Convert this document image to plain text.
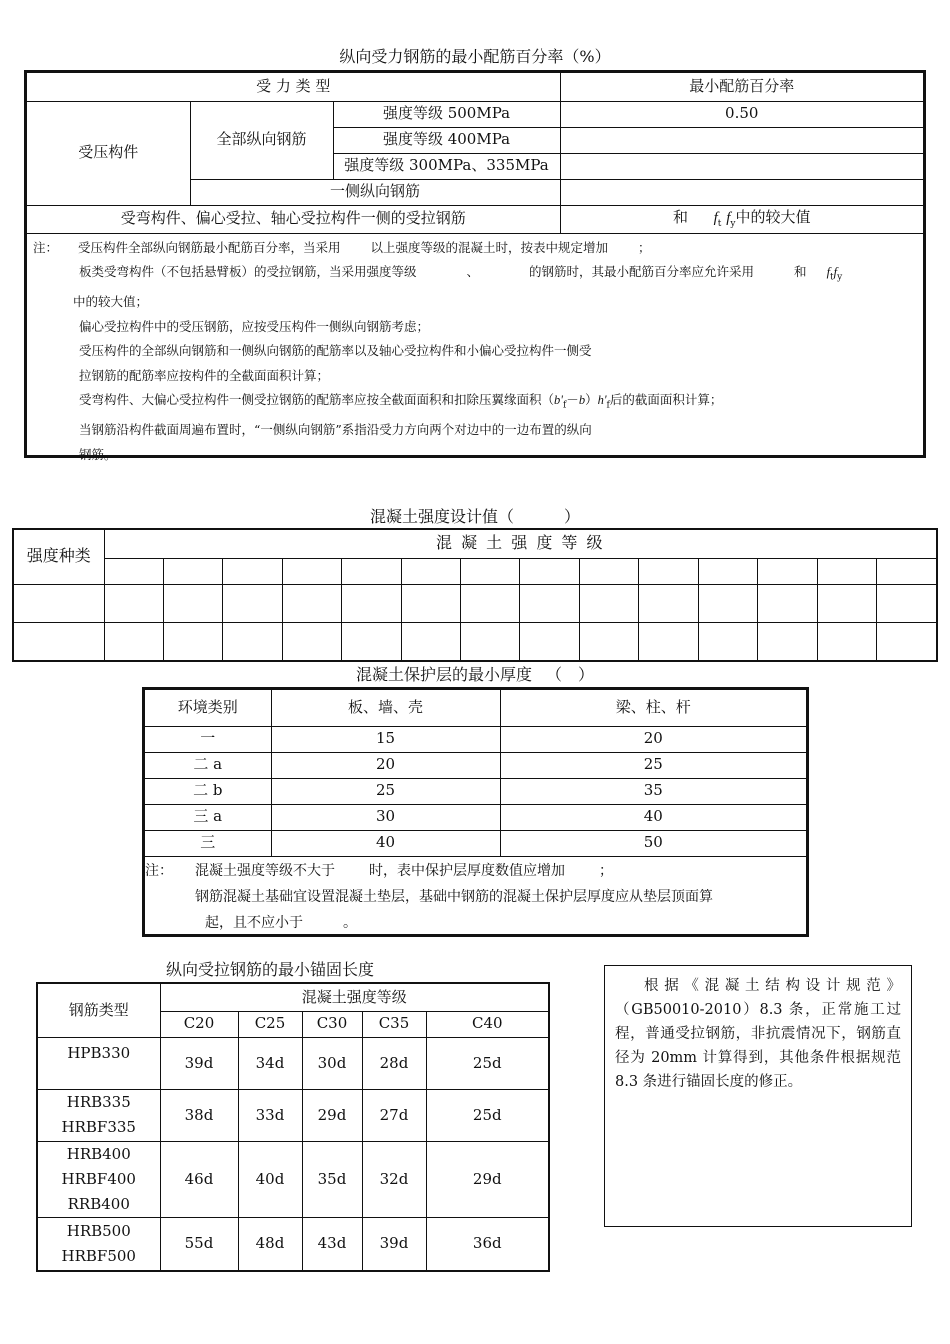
纵向受力钢筋的最小配筋百分率（%）
受 力 类 型			最小配筋百分率
受压构件	全部纵向钢筋	强度等级 500MPa	0.50
		强度等级 400MPa	
		强度等级 300MPa、335MPa	
	一侧纵向钢筋		
受弯构件、偏心受拉、轴心受拉构件一侧的受拉钢筋			和 $f_t$ $f_y$中的较大值
注： 受压构件全部纵向钢筋最小配筋百分率，当采用 以上强度等级的混凝土时，按表中规定增加 ；
板类受弯构件（不包括悬臂板）的受拉钢筋，当采用强度等级	、	的钢筋时，其最小配筋百分率应允许采用	和 $f_tf_y$
中的较大值；
偏心受拉构件中的受压钢筋，应按受压构件一侧纵向钢筋考虑；
受压构件的全部纵向钢筋和一侧纵向钢筋的配筋率以及轴心受拉构件和小偏心受拉构件一侧受
拉钢筋的配筋率应按构件的全截面面积计算；
受弯构件、大偏心受拉构件一侧受拉钢筋的配筋率应按全截面面积和扣除压翼缘面积$(b'_f-b)h'_f$后的截面面积计算；
当钢筋沿构件截面周遍布置时，“一侧纵向钢筋”系指沿受力方向两个对边中的一边布置的纵向
钢筋。
混凝土强度设计值（	）
强度种类	混 凝 土 强 度 等 级													

混凝土保护层的最小厚度 （　）
环境类别	板、墙、壳	梁、柱、杆
一	15	20
二 a	20	25
二 b	25	35
三 a	30	40
三	40	50
注： 混凝土强度等级不大于 时，表中保护层厚度数值应增加 ；
钢筋混凝土基础宜设置混凝土垫层，基础中钢筋的混凝土保护层厚度应从垫层顶面算
起，且不应小于	。
纵向受拉钢筋的最小锚固长度
钢筋类型	混凝土强度等级				
	C20	C25	C30	C35	C40
HPB330	39d	34d	30d	28d	25d
HRB335
HRBF335	38d	33d	29d	27d	25d
HRB400
HRBF400
RRB400	46d	40d	35d	32d	29d
HRB500
HRBF500	55d	48d	43d	39d	36d
根据《混凝土结构设计规范》（GB50010-2010）8.3 条，正常施工过程，普通受拉钢筋，非抗震情况下，钢筋直径为 20mm 计算得到，其他条件根据规范 8.3 条进行锚固长度的修正。
